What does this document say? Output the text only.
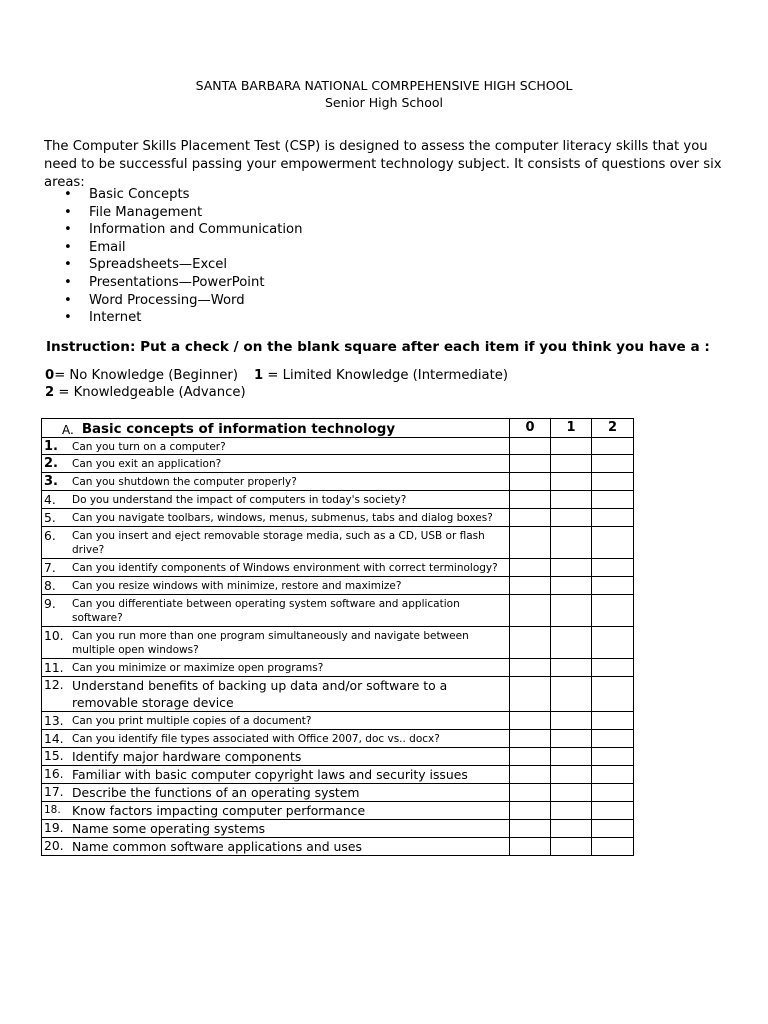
SANTA BARBARA NATIONAL COMRPEHENSIVE HIGH SCHOOL
Senior High School

The Computer Skills Placement Test (CSP) is designed to assess the computer literacy skills that you need to be successful passing your empowerment technology subject. It consists of questions over six areas:

• Basic Concepts
• File Management
• Information and Communication
• Email
• Spreadsheets—Excel
• Presentations—PowerPoint
• Word Processing—Word
• Internet
Instruction: Put a check / on the blank square after each item if you think you have a :
0= No Knowledge (Beginner) 1 = Limited Knowledge (Intermediate)
2 = Knowledgeable (Advance)
A. Basic concepts of information technology	0	1	2

1. Can you turn on a computer?			

2. Can you exit an application?			

3. Can you shutdown the computer properly?			

4. Do you understand the impact of computers in today's society?			

5. Can you navigate toolbars, windows, menus, submenus, tabs and dialog boxes?			

6. Can you insert and eject removable storage media, such as a CD, USB or flash drive?			

7. Can you identify components of Windows environment with correct terminology?			

8. Can you resize windows with minimize, restore and maximize?			

9. Can you differentiate between operating system software and application software?			

10. Can you run more than one program simultaneously and navigate between multiple open windows?			

11. Can you minimize or maximize open programs?			

12. Understand benefits of backing up data and/or software to a removable storage device			

13. Can you print multiple copies of a document?			

14. Can you identify file types associated with Office 2007, doc vs.. docx?			

15. Identify major hardware components			

16. Familiar with basic computer copyright laws and security issues			

17. Describe the functions of an operating system			

18. Know factors impacting computer performance			

19. Name some operating systems			

20. Name common software applications and uses			
